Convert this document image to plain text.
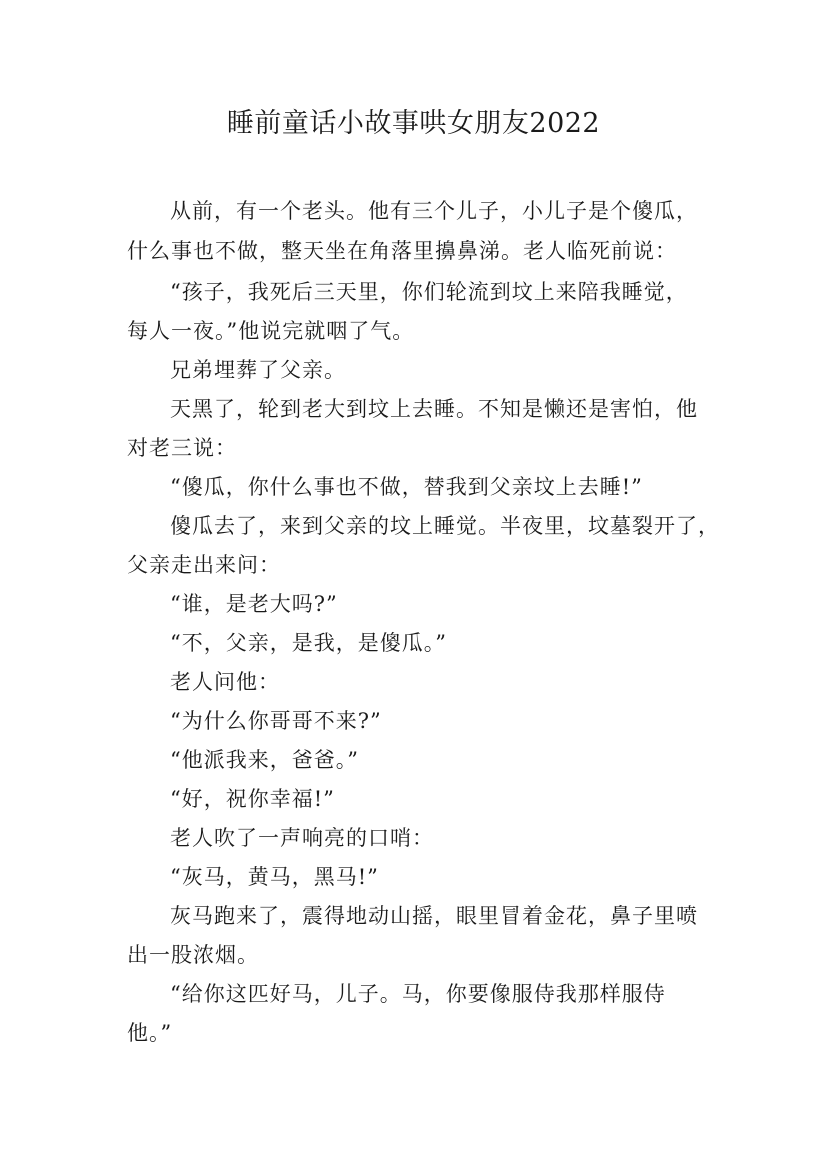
睡前童话小故事哄女朋友2022

从前，有一个老头。他有三个儿子，小儿子是个傻瓜，

什么事也不做，整天坐在角落里擤鼻涕。老人临死前说：

“孩子，我死后三天里，你们轮流到坟上来陪我睡觉，

每人一夜。”他说完就咽了气。

兄弟埋葬了父亲。

天黑了，轮到老大到坟上去睡。不知是懒还是害怕，他

对老三说：

“傻瓜，你什么事也不做，替我到父亲坟上去睡!”

傻瓜去了，来到父亲的坟上睡觉。半夜里，坟墓裂开了，

父亲走出来问：

“谁，是老大吗?”

“不，父亲，是我，是傻瓜。”

老人问他：

“为什么你哥哥不来?”

“他派我来，爸爸。”

“好，祝你幸福!”

老人吹了一声响亮的口哨：

“灰马，黄马，黑马!”

灰马跑来了，震得地动山摇，眼里冒着金花，鼻子里喷

出一股浓烟。

“给你这匹好马，儿子。马，你要像服侍我那样服侍

他。”
